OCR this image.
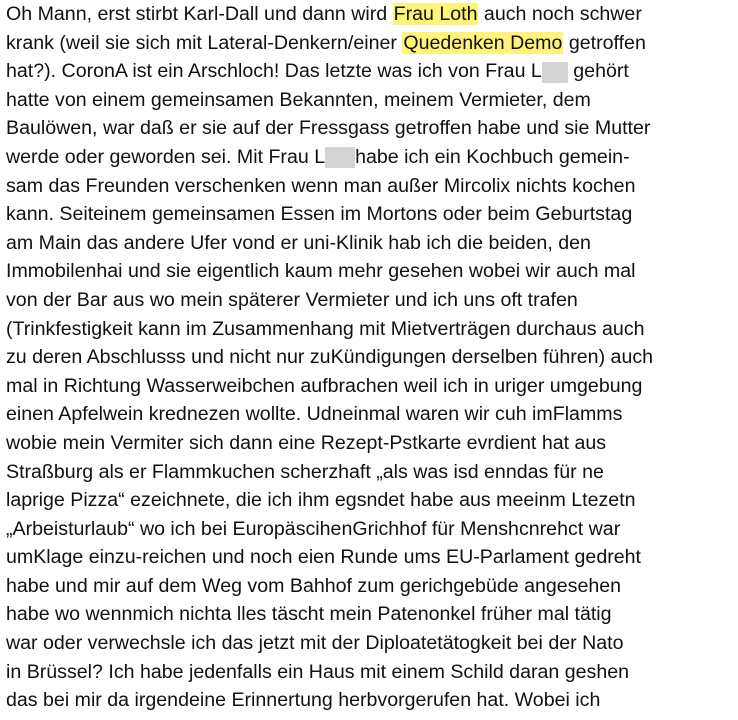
Oh Mann, erst stirbt Karl-Dall und dann wird Frau Loth auch noch schwer
krank (weil sie sich mit Lateral-Denkern/einer Quedenken Demo getroffen
hat?). CoronA ist ein Arschloch! Das letzte was ich von Frau L gehört
hatte von einem gemeinsamen Bekannten, meinem Vermieter, dem
Baulöwen, war daß er sie auf der Fressgass getroffen habe und sie Mutter
werde oder geworden sei. Mit Frau L habe ich ein Kochbuch gemein-
sam das Freunden verschenken wenn man außer Mircolix nichts kochen
kann. Seiteinem gemeinsamen Essen im Mortons oder beim Geburtstag
am Main das andere Ufer vond er uni-Klinik hab ich die beiden, den
Immobilenhai und sie eigentlich kaum mehr gesehen wobei wir auch mal
von der Bar aus wo mein späterer Vermieter und ich uns oft trafen
(Trinkfestigkeit kann im Zusammenhang mit Mietverträgen durchaus auch
zu deren Abschlusss und nicht nur zuKündigungen derselben führen) auch
mal in Richtung Wasserweibchen aufbrachen weil ich in uriger umgebung
einen Apfelwein krednezen wollte. Udneinmal waren wir cuh imFlamms
wobie mein Vermiter sich dann eine Rezept-Pstkarte evrdient hat aus
Straßburg als er Flammkuchen scherzhaft „als was isd enndas für ne
laprige Pizza“ ezeichnete, die ich ihm egsndet habe aus meeinm Ltezetn
„Arbeisturlaub“ wo ich bei EuropäscihenGrichhof für Menshcnrehct war
umKlage einzu-reichen und noch eien Runde ums EU-Parlament gedreht
habe und mir auf dem Weg vom Bahhof zum gerichgebüde angesehen
habe wo wennmich nichta lles täscht mein Patenonkel früher mal tätig
war oder verwechsle ich das jetzt mit der Diploatetätogkeit bei der Nato
in Brüssel? Ich habe jedenfalls ein Haus mit einem Schild daran geshen
das bei mir da irgendeine Erinnertung herbvorgerufen hat. Wobei ich
